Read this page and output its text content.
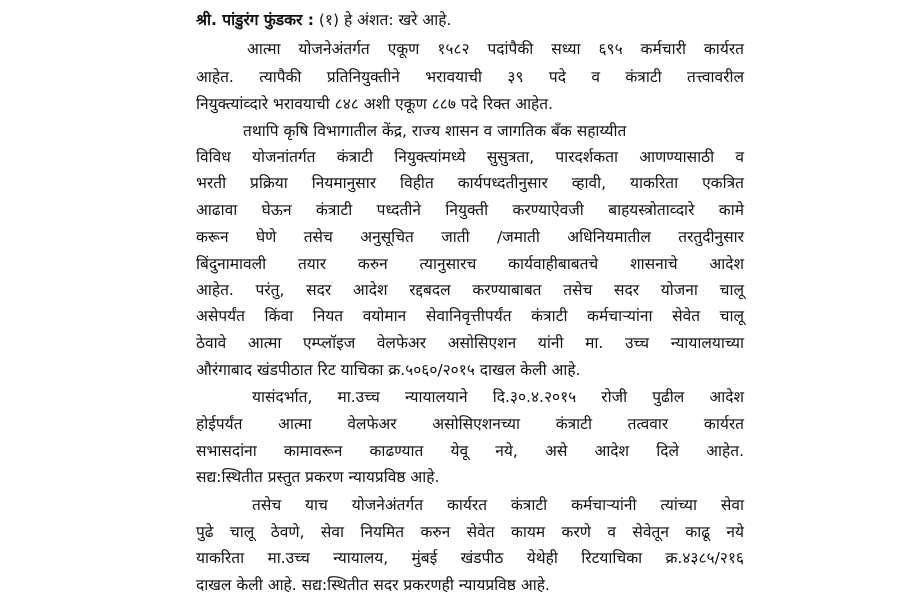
श्री. पांडुरंग फुंडकर : (१) हे अंशत: खरे आहे.
आत्मा योजनेअंतर्गत एकूण १५८२ पदांपैकी सध्या ६९५ कर्मचारी कार्यरत
आहेत. त्यापैकी प्रतिनियुक्तीने भरावयाची ३९ पदे व कंत्राटी तत्त्वावरील
नियुक्त्यांव्दारे भरावयाची ८४८ अशी एकूण ८८७ पदे रिक्त आहेत.
तथापि कृषि विभागातील केंद्र, राज्य शासन व जागतिक बँक सहाय्यीत
विविध योजनांतर्गत कंत्राटी नियुक्त्यांमध्ये सुसुत्रता, पारदर्शकता आणण्यासाठी व
भरती प्रक्रिया नियमानुसार विहीत कार्यपध्दतीनुसार व्हावी, याकरिता एकत्रित
आढावा घेऊन कंत्राटी पध्दतीने नियुक्ती करण्याऐवजी बाहयस्त्रोताव्दारे कामे
करून घेणे तसेच अनुसूचित जाती /जमाती अधिनियमातील तरतुदीनुसार
बिंदुनामावली तयार करुन त्यानुसारच कार्यवाहीबाबतचे शासनाचे आदेश
आहेत. परंतु, सदर आदेश रद्दबदल करण्याबाबत तसेच सदर योजना चालू
असेपर्यंत किंवा नियत वयोमान सेवानिवृत्तीपर्यंत कंत्राटी कर्मचाऱ्यांना सेवेत चालू
ठेवावे आत्मा एम्प्लॉइज वेलफेअर असोसिएशन यांनी मा. उच्च न्यायालयाच्या
औरंगाबाद खंडपीठात रिट याचिका क्र.५०६०/२०१५ दाखल केली आहे.
यासंदर्भात, मा.उच्च न्यायालयाने दि.३०.४.२०१५ रोजी पुढील आदेश
होईपर्यंत आत्मा वेलफेअर असोसिएशनच्या कंत्राटी तत्ववार कार्यरत
सभासदांना कामावरून काढण्यात येवू नये, असे आदेश दिले आहेत.
सद्य:स्थितीत प्रस्तुत प्रकरण न्यायप्रविष्ठ आहे.
तसेच याच योजनेअंतर्गत कार्यरत कंत्राटी कर्मचाऱ्यांनी त्यांच्या सेवा
पुढे चालू ठेवणे, सेवा नियमित करुन सेवेत कायम करणे व सेवेतून काढू नये
याकरिता मा.उच्च न्यायालय, मुंबई खंडपीठ येथेही रिटयाचिका क्र.४३८५/२१६
दाखल केली आहे. सद्य:स्थितीत सदर प्रकरणही न्यायप्रविष्ठ आहे.
